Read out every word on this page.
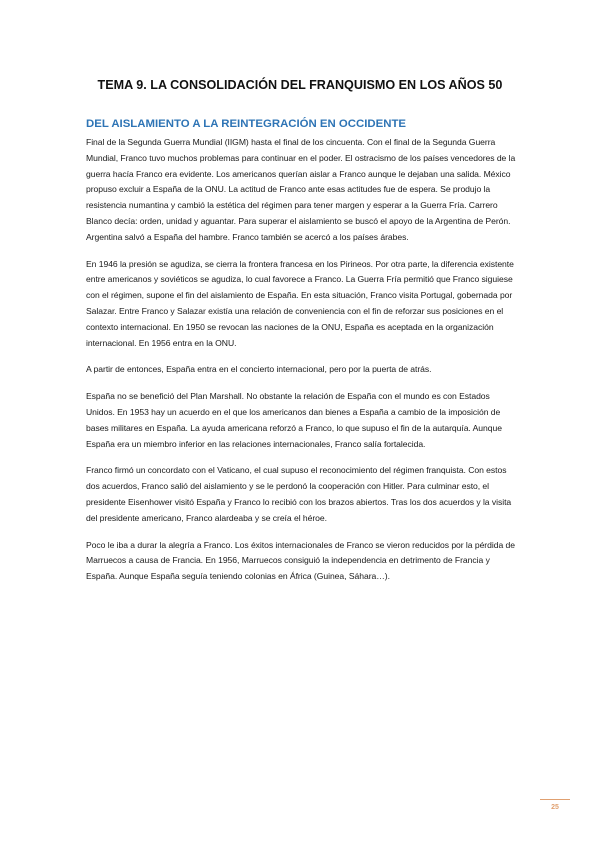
TEMA 9. LA CONSOLIDACIÓN DEL FRANQUISMO EN LOS AÑOS 50
DEL AISLAMIENTO A LA REINTEGRACIÓN EN OCCIDENTE

Final de la Segunda Guerra Mundial (IIGM) hasta el final de los cincuenta. Con el final de la Segunda Guerra Mundial, Franco tuvo muchos problemas para continuar en el poder. El ostracismo de los países vencedores de la guerra hacía Franco era evidente. Los americanos querían aislar a Franco aunque le dejaban una salida. México propuso excluir a España de la ONU. La actitud de Franco ante esas actitudes fue de espera. Se produjo la resistencia numantina y cambió la estética del régimen para tener margen y esperar a la Guerra Fría. Carrero Blanco decía: orden, unidad y aguantar. Para superar el aislamiento se buscó el apoyo de la Argentina de Perón. Argentina salvó a España del hambre. Franco también se acercó a los países árabes.

En 1946 la presión se agudiza, se cierra la frontera francesa en los Pirineos. Por otra parte, la diferencia existente entre americanos y soviéticos se agudiza, lo cual favorece a Franco. La Guerra Fría permitió que Franco siguiese con el régimen, supone el fin del aislamiento de España. En esta situación, Franco visita Portugal, gobernada por Salazar. Entre Franco y Salazar existía una relación de conveniencia con el fin de reforzar sus posiciones en el contexto internacional. En 1950 se revocan las naciones de la ONU, España es aceptada en la organización internacional. En 1956 entra en la ONU.

A partir de entonces, España entra en el concierto internacional, pero por la puerta de atrás.

España no se benefició del Plan Marshall. No obstante la relación de España con el mundo es con Estados Unidos. En 1953 hay un acuerdo en el que los americanos dan bienes a España a cambio de la imposición de bases militares en España. La ayuda americana reforzó a Franco, lo que supuso el fin de la autarquía. Aunque España era un miembro inferior en las relaciones internacionales, Franco salía fortalecida.

Franco firmó un concordato con el Vaticano, el cual supuso el reconocimiento del régimen franquista. Con estos dos acuerdos, Franco salió del aislamiento y se le perdonó la cooperación con Hitler. Para culminar esto, el presidente Eisenhower visitó España y Franco lo recibió con los brazos abiertos. Tras los dos acuerdos y la visita del presidente americano, Franco alardeaba y se creía el héroe.

Poco le iba a durar la alegría a Franco. Los éxitos internacionales de Franco se vieron reducidos por la pérdida de Marruecos a causa de Francia. En 1956, Marruecos consiguió la independencia en detrimento de Francia y España. Aunque España seguía teniendo colonias en África (Guinea, Sáhara…).

25
